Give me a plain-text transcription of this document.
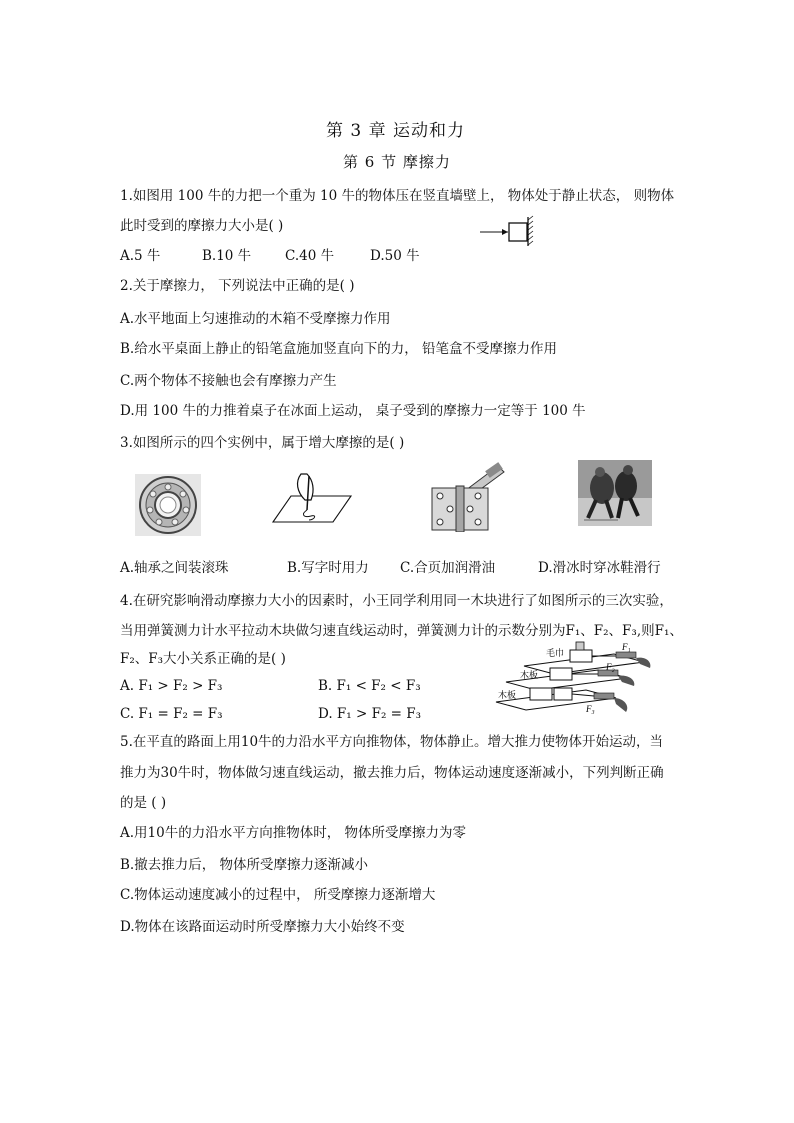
第 3 章 运动和力
第 6 节 摩擦力
1.如图用 100 牛的力把一个重为 10 牛的物体压在竖直墙壁上， 物体处于静止状态， 则物体
此时受到的摩擦力大小是( )
A.5 牛	B.10 牛	C.40 牛	D.50 牛
2.关于摩擦力， 下列说法中正确的是( )
A.水平地面上匀速推动的木箱不受摩擦力作用
B.给水平桌面上静止的铅笔盒施加竖直向下的力， 铅笔盒不受摩擦力作用
C.两个物体不接触也会有摩擦力产生
D.用 100 牛的力推着桌子在冰面上运动， 桌子受到的摩擦力一定等于 100 牛
3.如图所示的四个实例中，属于增大摩擦的是( )
A.轴承之间装滚珠	B.写字时用力 C.合页加润滑油	D.滑冰时穿冰鞋滑行
4.在研究影响滑动摩擦力大小的因素时，小王同学利用同一木块进行了如图所示的三次实验，
当用弹簧测力计水平拉动木块做匀速直线运动时，弹簧测力计的示数分别为F₁、F₂、F₃,则F₁、
F₂、F₃大小关系正确的是( )	毛巾
F₁
木板
F₂
木板
F₃
A. F₁ > F₂ > F₃	B. F₁ < F₂ < F₃
C. F₁ = F₂ = F₃	D. F₁ > F₂ = F₃
5.在平直的路面上用10牛的力沿水平方向推物体，物体静止。增大推力使物体开始运动，当
推力为30牛时，物体做匀速直线运动，撤去推力后，物体运动速度逐渐减小，下列判断正确
的是 ( )
A.用10牛的力沿水平方向推物体时， 物体所受摩擦力为零
B.撤去推力后， 物体所受摩擦力逐渐减小
C.物体运动速度减小的过程中， 所受摩擦力逐渐增大
D.物体在该路面运动时所受摩擦力大小始终不变
